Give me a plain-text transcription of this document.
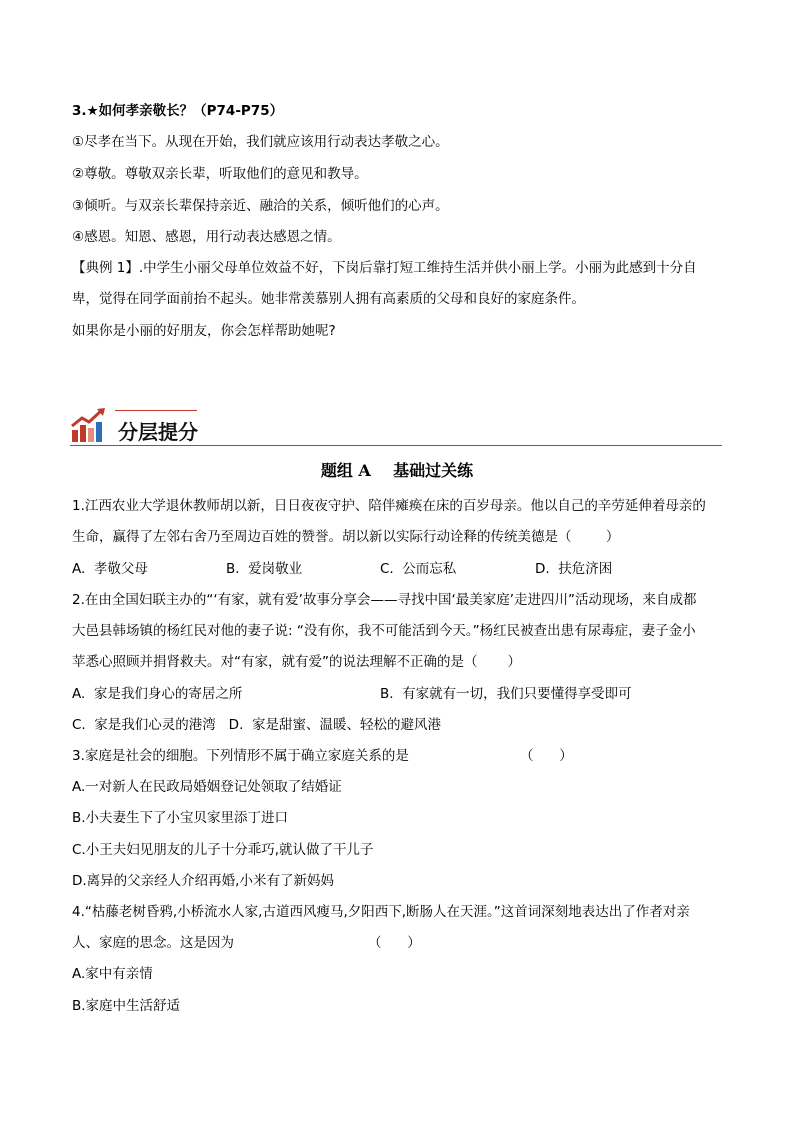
3.★如何孝亲敬长？（P74-P75）
①尽孝在当下。从现在开始，我们就应该用行动表达孝敬之心。
②尊敬。尊敬双亲长辈，听取他们的意见和教导。
③倾听。与双亲长辈保持亲近、融洽的关系，倾听他们的心声。
④感恩。知恩、感恩，用行动表达感恩之情。
【典例 1】.中学生小丽父母单位效益不好，下岗后靠打短工维持生活并供小丽上学。小丽为此感到十分自
卑，觉得在同学面前抬不起头。她非常羡慕别人拥有高素质的父母和良好的家庭条件。
如果你是小丽的好朋友，你会怎样帮助她呢?
分层提分
题组 A    基础过关练
1.江西农业大学退休教师胡以新，日日夜夜守护、陪伴瘫痪在床的百岁母亲。他以自己的辛劳延伸着母亲的
生命，赢得了左邻右舍乃至周边百姓的赞誉。胡以新以实际行动诠释的传统美德是（        ）
A.  孝敬父母	B.  爱岗敬业	C.  公而忘私	D.  扶危济困
2.在由全国妇联主办的“‘有家，就有爱’故事分享会——寻找中国‘最美家庭’走进四川”活动现场，来自成都
大邑县韩场镇的杨红民对他的妻子说: “没有你，我不可能活到今天。”杨红民被查出患有尿毒症，妻子金小
苹悉心照顾并捐肾救夫。对“有家，就有爱”的说法理解不正确的是（       ）
A.  家是我们身心的寄居之所	B.  有家就有一切，我们只要懂得享受即可
C.  家是我们心灵的港湾   D.  家是甜蜜、温暖、轻松的避风港
3.家庭是社会的细胞。下列情形不属于确立家庭关系的是	（      ）
A.一对新人在民政局婚姻登记处领取了结婚证
B.小夫妻生下了小宝贝家里添丁进口
C.小王夫妇见朋友的儿子十分乖巧,就认做了干儿子
D.离异的父亲经人介绍再婚,小米有了新妈妈
4.“枯藤老树昏鸦,小桥流水人家,古道西风瘦马,夕阳西下,断肠人在天涯。”这首词深刻地表达出了作者对亲
人、家庭的思念。这是因为	（      ）
A.家中有亲情
B.家庭中生活舒适
